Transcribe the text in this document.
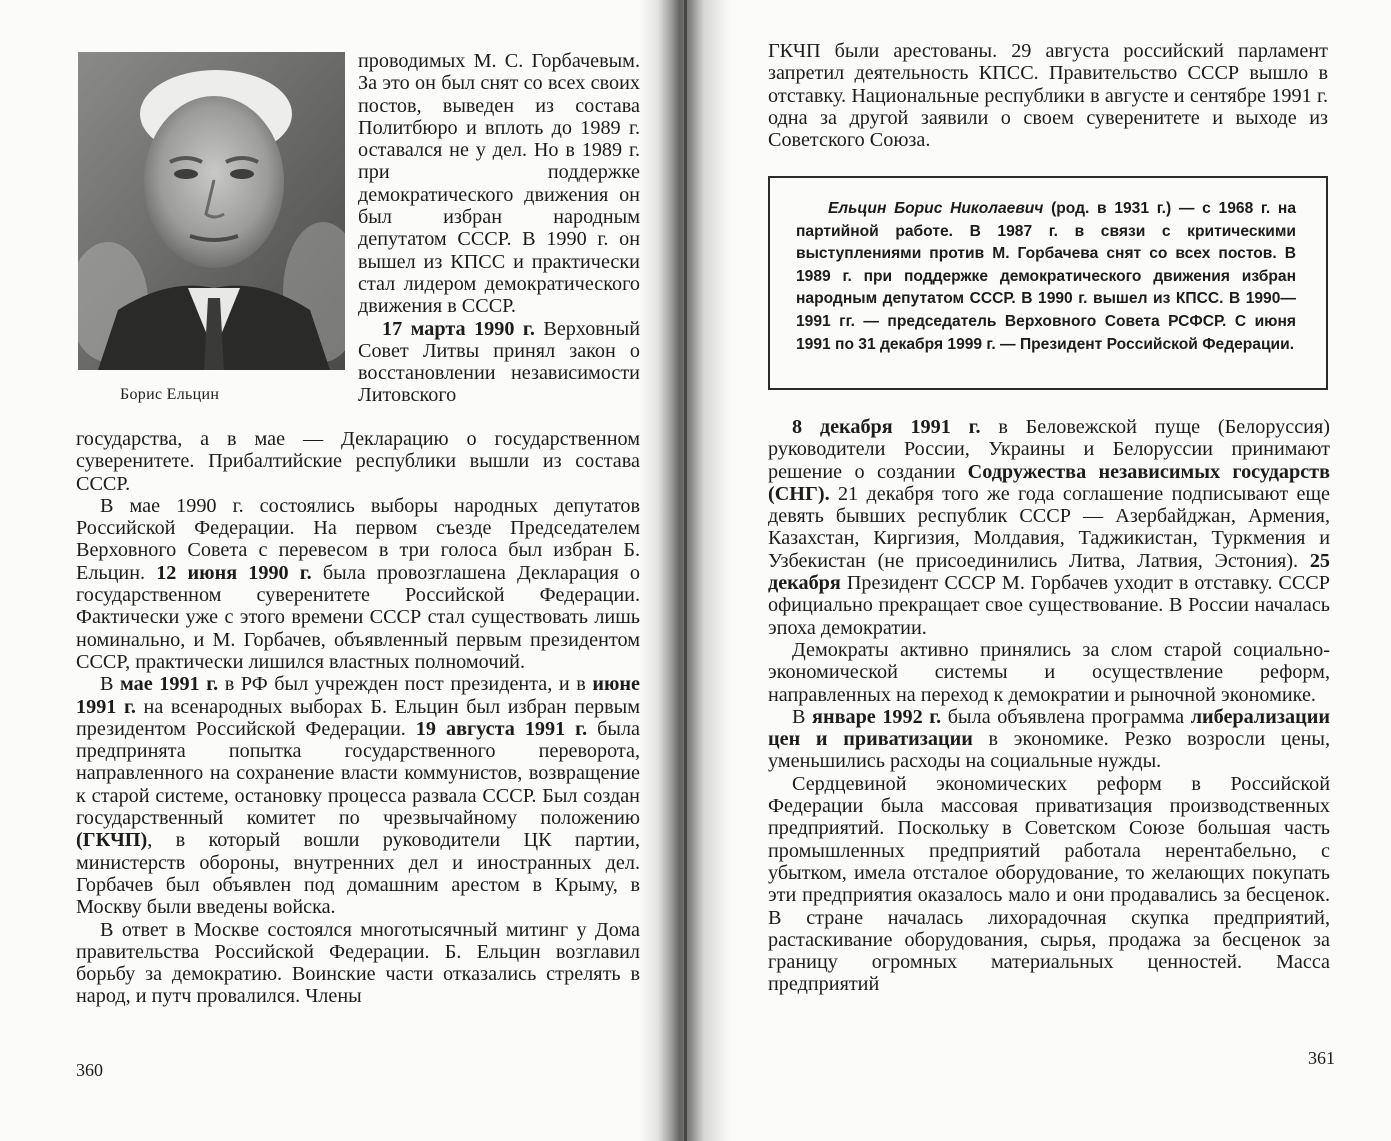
Борис Ельцин

проводимых М. С. Горбачевым. За это он был снят со всех своих постов, выведен из состава Политбюро и вплоть до 1989 г. оставался не у дел. Но в 1989 г. при поддержке демократического движения он был избран народным депутатом СССР. В 1990 г. он вышел из КПСС и практически стал лидером демократического движения в СССР.

17 марта 1990 г. Верховный Совет Литвы принял закон о восстановлении независимости Литовского

государства, а в мае — Декларацию о государственном суверенитете. Прибалтийские республики вышли из состава СССР.

В мае 1990 г. состоялись выборы народных депутатов Российской Федерации. На первом съезде Председателем Верховного Совета с перевесом в три голоса был избран Б. Ельцин. 12 июня 1990 г. была провозглашена Декларация о государственном суверенитете Российской Федерации. Фактически уже с этого времени СССР стал существовать лишь номинально, и М. Горбачев, объявленный первым президентом СССР, практически лишился властных полномочий.

В мае 1991 г. в РФ был учрежден пост президента, и в июне 1991 г. на всенародных выборах Б. Ельцин был избран первым президентом Российской Федерации. 19 августа 1991 г. была предпринята попытка государственного переворота, направленного на сохранение власти коммунистов, возвращение к старой системе, остановку процесса развала СССР. Был создан государственный комитет по чрезвычайному положению (ГКЧП), в который вошли руководители ЦК партии, министерств обороны, внутренних дел и иностранных дел. Горбачев был объявлен под домашним арестом в Крыму, в Москву были введены войска.

В ответ в Москве состоялся многотысячный митинг у Дома правительства Российской Федерации. Б. Ельцин возглавил борьбу за демократию. Воинские части отказались стрелять в народ, и путч провалился. Члены

360

ГКЧП были арестованы. 29 августа российский парламент запретил деятельность КПСС. Правительство СССР вышло в отставку. Национальные республики в августе и сентябре 1991 г. одна за другой заявили о своем суверенитете и выходе из Советского Союза.

Ельцин Борис Николаевич (род. в 1931 г.) — с 1968 г. на партийной работе. В 1987 г. в связи с критическими выступлениями против М. Горбачева снят со всех постов. В 1989 г. при поддержке демократического движения избран народным депутатом СССР. В 1990 г. вышел из КПСС. В 1990—1991 гг. — председатель Верховного Совета РСФСР. С июня 1991 по 31 декабря 1999 г. — Президент Российской Федерации.

8 декабря 1991 г. в Беловежской пуще (Белоруссия) руководители России, Украины и Белоруссии принимают решение о создании Содружества независимых государств (СНГ). 21 декабря того же года соглашение подписывают еще девять бывших республик СССР — Азербайджан, Армения, Казахстан, Киргизия, Молдавия, Таджикистан, Туркмения и Узбекистан (не присоединились Литва, Латвия, Эстония). 25 декабря Президент СССР М. Горбачев уходит в отставку. СССР официально прекращает свое существование. В России началась эпоха демократии.

Демократы активно принялись за слом старой социально-экономической системы и осуществление реформ, направленных на переход к демократии и рыночной экономике.

В январе 1992 г. была объявлена программа либерализации цен и приватизации в экономике. Резко возросли цены, уменьшились расходы на социальные нужды.

Сердцевиной экономических реформ в Российской Федерации была массовая приватизация производственных предприятий. Поскольку в Советском Союзе большая часть промышленных предприятий работала нерентабельно, с убытком, имела отсталое оборудование, то желающих покупать эти предприятия оказалось мало и они продавались за бесценок. В стране началась лихорадочная скупка предприятий, растаскивание оборудования, сырья, продажа за бесценок за границу огромных материальных ценностей. Масса предприятий

361
